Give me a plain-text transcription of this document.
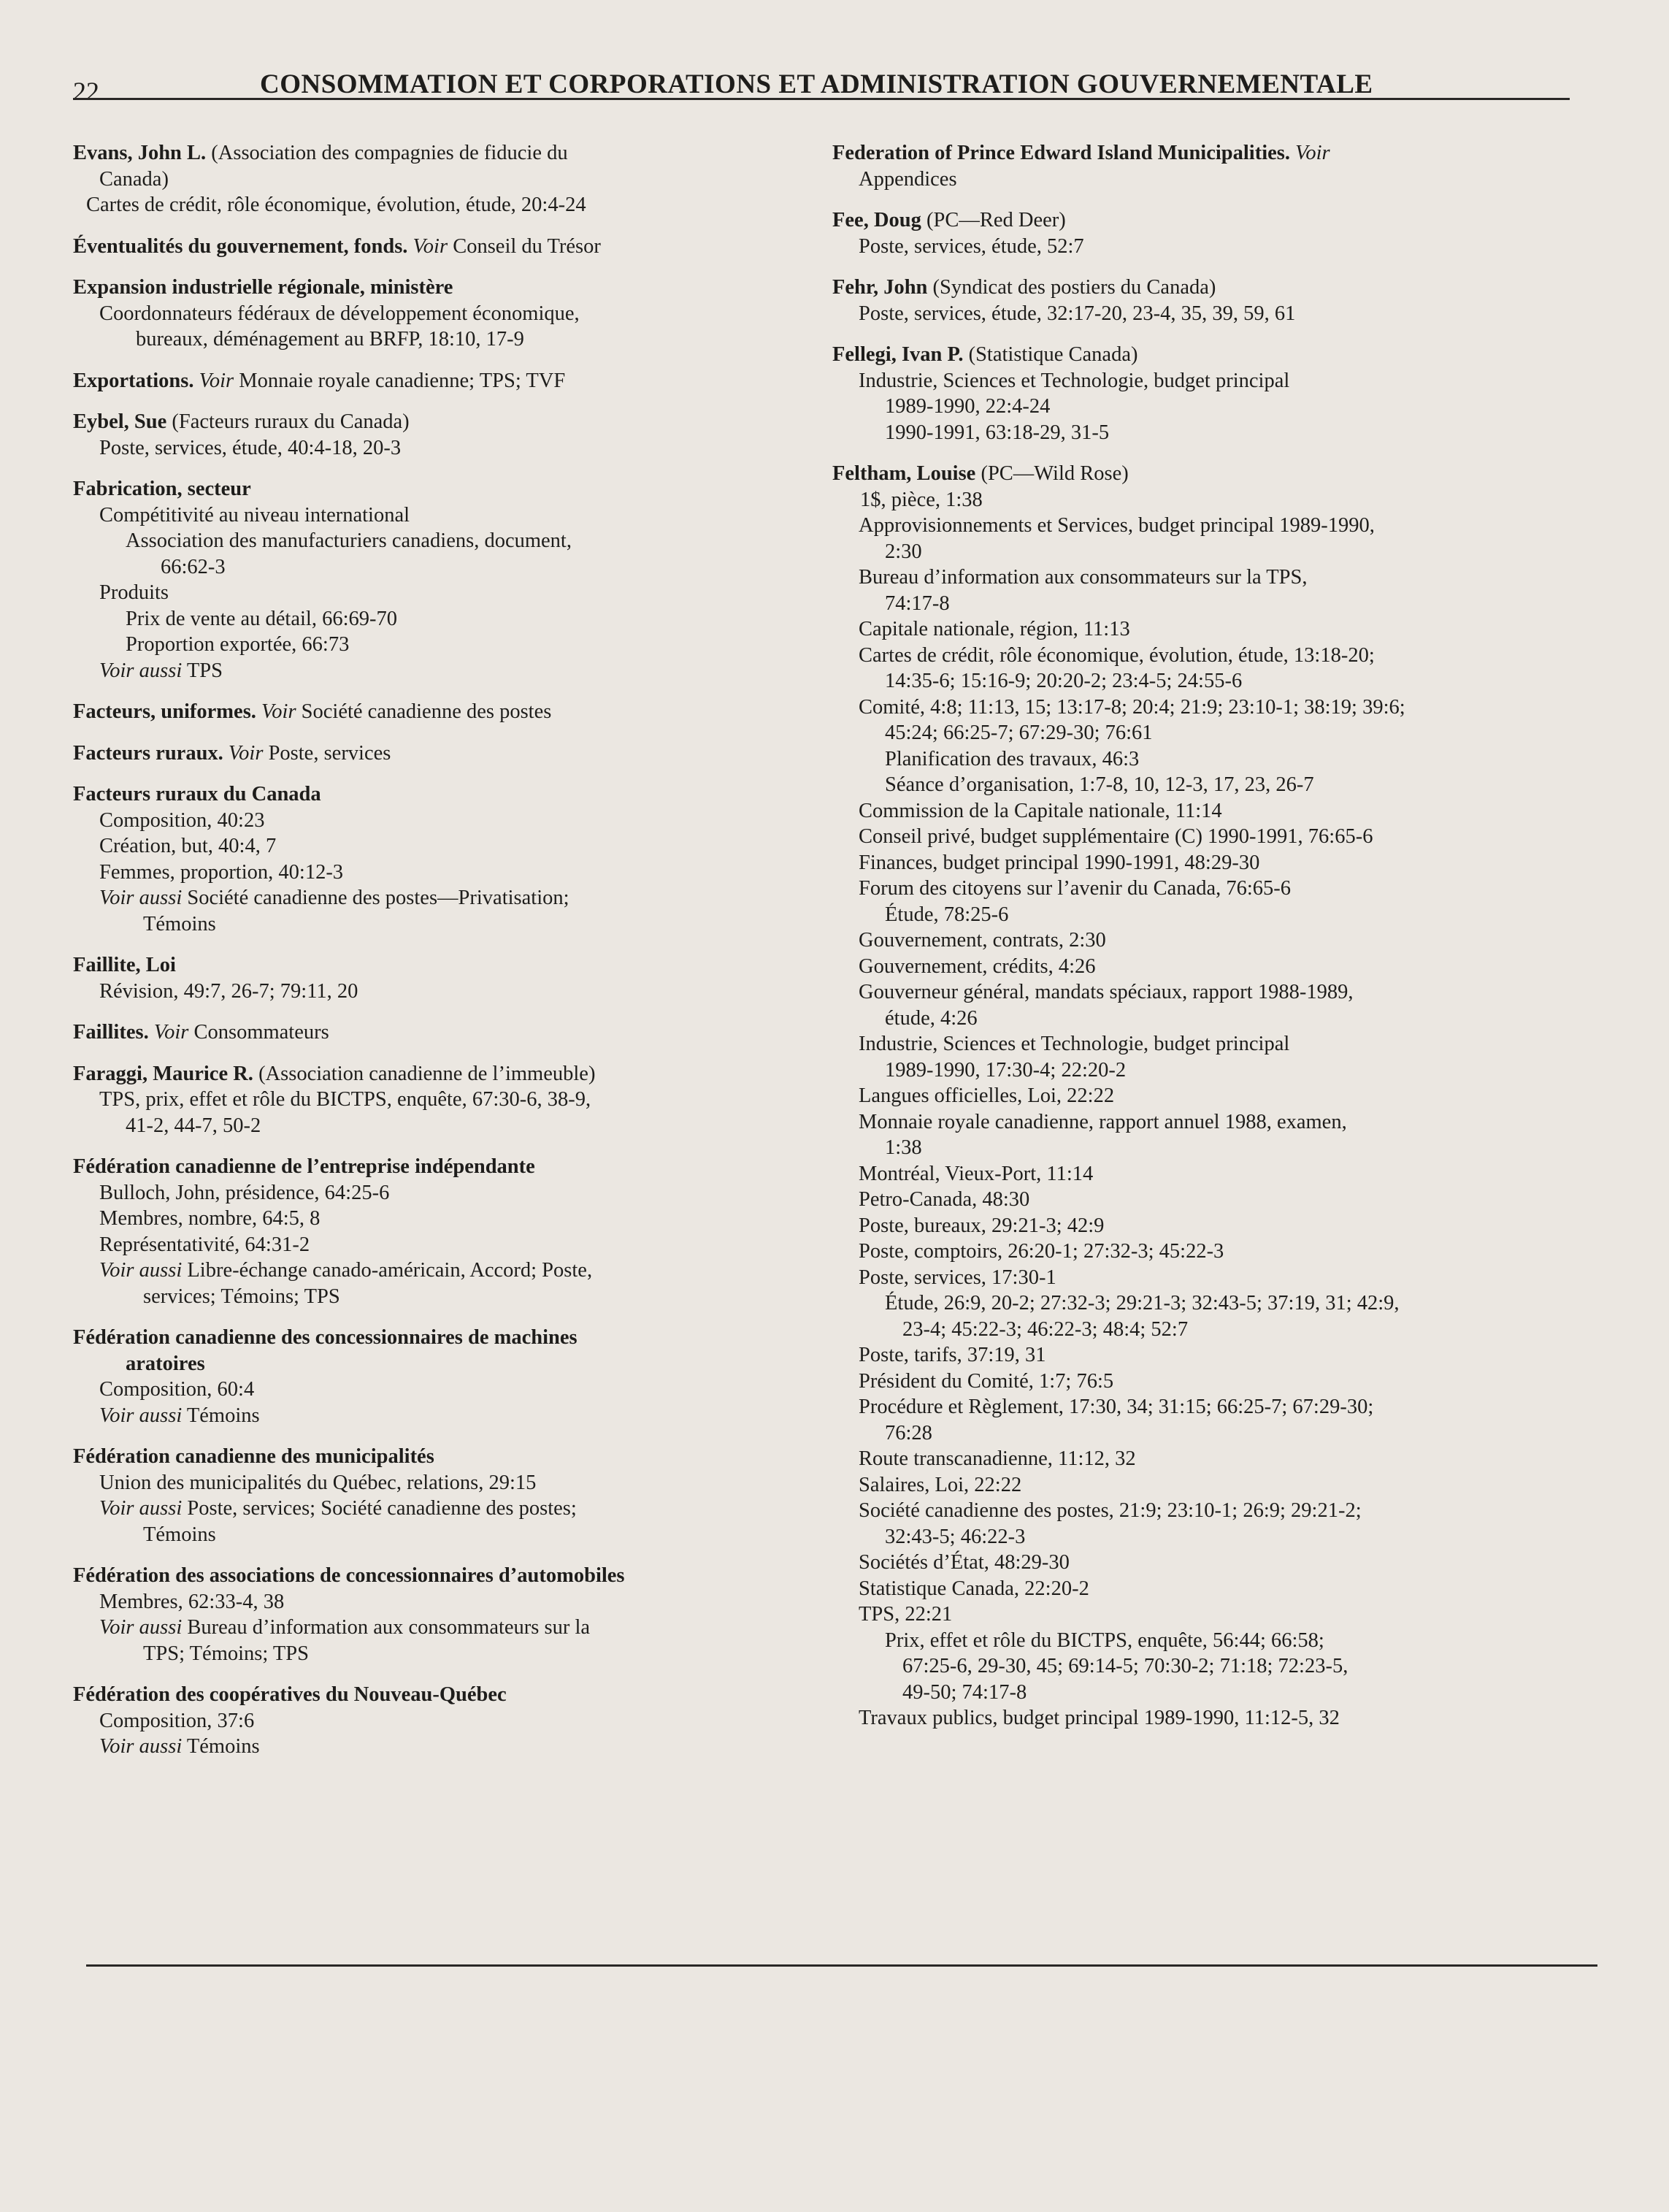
22	CONSOMMATION ET CORPORATIONS ET ADMINISTRATION GOUVERNEMENTALE
Evans, John L. (Association des compagnies de fiducie du
Canada)
Cartes de crédit, rôle économique, évolution, étude, 20:4-24
Éventualités du gouvernement, fonds. Voir Conseil du Trésor
Expansion industrielle régionale, ministère
Coordonnateurs fédéraux de développement économique,
bureaux, déménagement au BRFP, 18:10, 17-9
Exportations. Voir Monnaie royale canadienne; TPS; TVF
Eybel, Sue (Facteurs ruraux du Canada)
Poste, services, étude, 40:4-18, 20-3
Fabrication, secteur
Compétitivité au niveau international
Association des manufacturiers canadiens, document,
66:62-3
Produits
Prix de vente au détail, 66:69-70
Proportion exportée, 66:73
Voir aussi TPS
Facteurs, uniformes. Voir Société canadienne des postes
Facteurs ruraux. Voir Poste, services
Facteurs ruraux du Canada
Composition, 40:23
Création, but, 40:4, 7
Femmes, proportion, 40:12-3
Voir aussi Société canadienne des postes—Privatisation;
Témoins
Faillite, Loi
Révision, 49:7, 26-7; 79:11, 20
Faillites. Voir Consommateurs
Faraggi, Maurice R. (Association canadienne de l’immeuble)
TPS, prix, effet et rôle du BICTPS, enquête, 67:30-6, 38-9,
41-2, 44-7, 50-2
Fédération canadienne de l’entreprise indépendante
Bulloch, John, présidence, 64:25-6
Membres, nombre, 64:5, 8
Représentativité, 64:31-2
Voir aussi Libre-échange canado-américain, Accord; Poste,
services; Témoins; TPS
Fédération canadienne des concessionnaires de machines
aratoires
Composition, 60:4
Voir aussi Témoins
Fédération canadienne des municipalités
Union des municipalités du Québec, relations, 29:15
Voir aussi Poste, services; Société canadienne des postes;
Témoins
Fédération des associations de concessionnaires d’automobiles
Membres, 62:33-4, 38
Voir aussi Bureau d’information aux consommateurs sur la
TPS; Témoins; TPS
Fédération des coopératives du Nouveau-Québec
Composition, 37:6
Voir aussi Témoins
Federation of Prince Edward Island Municipalities. Voir
Appendices
Fee, Doug (PC—Red Deer)
Poste, services, étude, 52:7
Fehr, John (Syndicat des postiers du Canada)
Poste, services, étude, 32:17-20, 23-4, 35, 39, 59, 61
Fellegi, Ivan P. (Statistique Canada)
Industrie, Sciences et Technologie, budget principal
1989-1990, 22:4-24
1990-1991, 63:18-29, 31-5
Feltham, Louise (PC—Wild Rose)
1$, pièce, 1:38
Approvisionnements et Services, budget principal 1989-1990,
2:30
Bureau d’information aux consommateurs sur la TPS,
74:17-8
Capitale nationale, région, 11:13
Cartes de crédit, rôle économique, évolution, étude, 13:18-20;
14:35-6; 15:16-9; 20:20-2; 23:4-5; 24:55-6
Comité, 4:8; 11:13, 15; 13:17-8; 20:4; 21:9; 23:10-1; 38:19; 39:6;
45:24; 66:25-7; 67:29-30; 76:61
Planification des travaux, 46:3
Séance d’organisation, 1:7-8, 10, 12-3, 17, 23, 26-7
Commission de la Capitale nationale, 11:14
Conseil privé, budget supplémentaire (C) 1990-1991, 76:65-6
Finances, budget principal 1990-1991, 48:29-30
Forum des citoyens sur l’avenir du Canada, 76:65-6
Étude, 78:25-6
Gouvernement, contrats, 2:30
Gouvernement, crédits, 4:26
Gouverneur général, mandats spéciaux, rapport 1988-1989,
étude, 4:26
Industrie, Sciences et Technologie, budget principal
1989-1990, 17:30-4; 22:20-2
Langues officielles, Loi, 22:22
Monnaie royale canadienne, rapport annuel 1988, examen,
1:38
Montréal, Vieux-Port, 11:14
Petro-Canada, 48:30
Poste, bureaux, 29:21-3; 42:9
Poste, comptoirs, 26:20-1; 27:32-3; 45:22-3
Poste, services, 17:30-1
Étude, 26:9, 20-2; 27:32-3; 29:21-3; 32:43-5; 37:19, 31; 42:9,
23-4; 45:22-3; 46:22-3; 48:4; 52:7
Poste, tarifs, 37:19, 31
Président du Comité, 1:7; 76:5
Procédure et Règlement, 17:30, 34; 31:15; 66:25-7; 67:29-30;
76:28
Route transcanadienne, 11:12, 32
Salaires, Loi, 22:22
Société canadienne des postes, 21:9; 23:10-1; 26:9; 29:21-2;
32:43-5; 46:22-3
Sociétés d’État, 48:29-30
Statistique Canada, 22:20-2
TPS, 22:21
Prix, effet et rôle du BICTPS, enquête, 56:44; 66:58;
67:25-6, 29-30, 45; 69:14-5; 70:30-2; 71:18; 72:23-5,
49-50; 74:17-8
Travaux publics, budget principal 1989-1990, 11:12-5, 32
